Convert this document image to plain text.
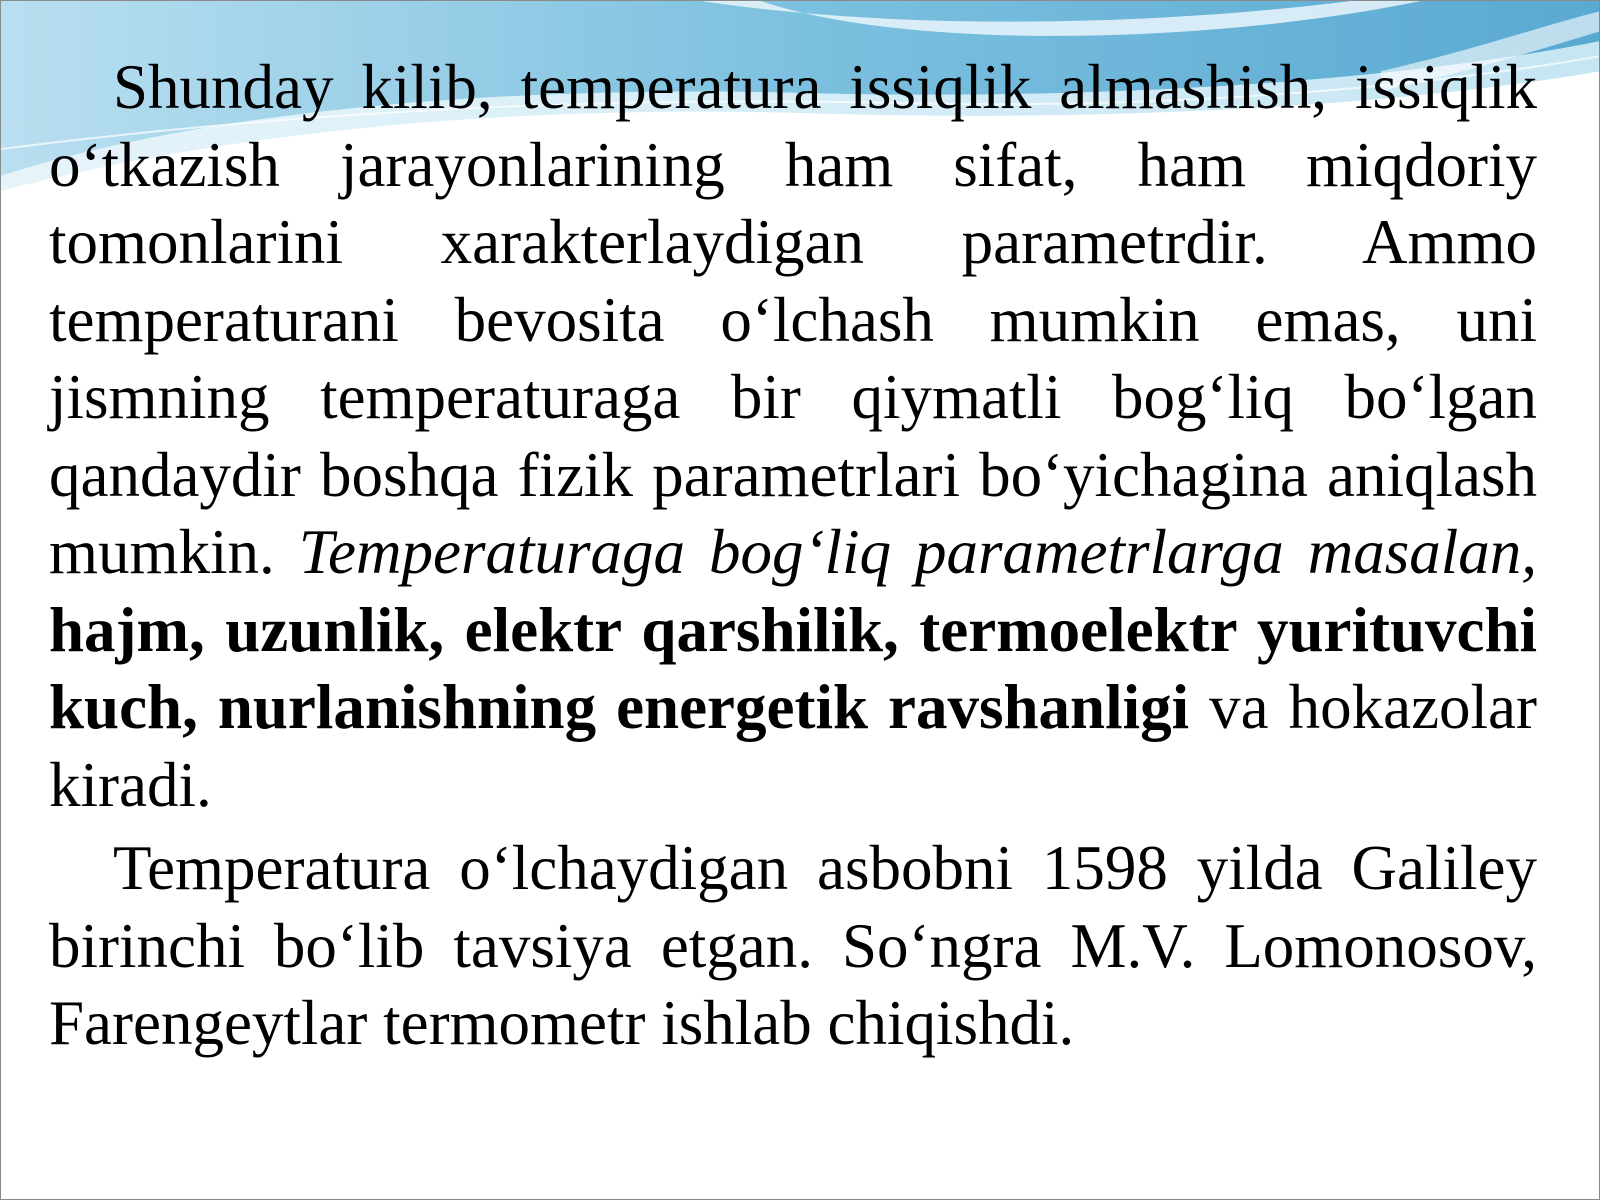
Shunday kilib, temperatura issiqlik almashish, issiqlik o‘tkazish jarayonlarining ham sifat, ham miqdoriy tomonlarini xarakterlaydigan parametrdir. Ammo temperaturani bevosita o‘lchash mumkin emas, uni jismning temperaturaga bir qiymatli bog‘liq bo‘lgan qandaydir boshqa fizik parametrlari bo‘yichagina aniqlash mumkin. Temperaturaga bog‘liq parametrlarga masalan, hajm, uzunlik, elektr qarshilik, termoelektr yurituvchi kuch, nurlanishning energetik ravshanligi va hokazolar kiradi.

Temperatura o‘lchaydigan asbobni 1598 yilda Galiley birinchi bo‘lib tavsiya etgan. So‘ngra M.V. Lomonosov, Farengeytlar termometr ishlab chiqishdi.
